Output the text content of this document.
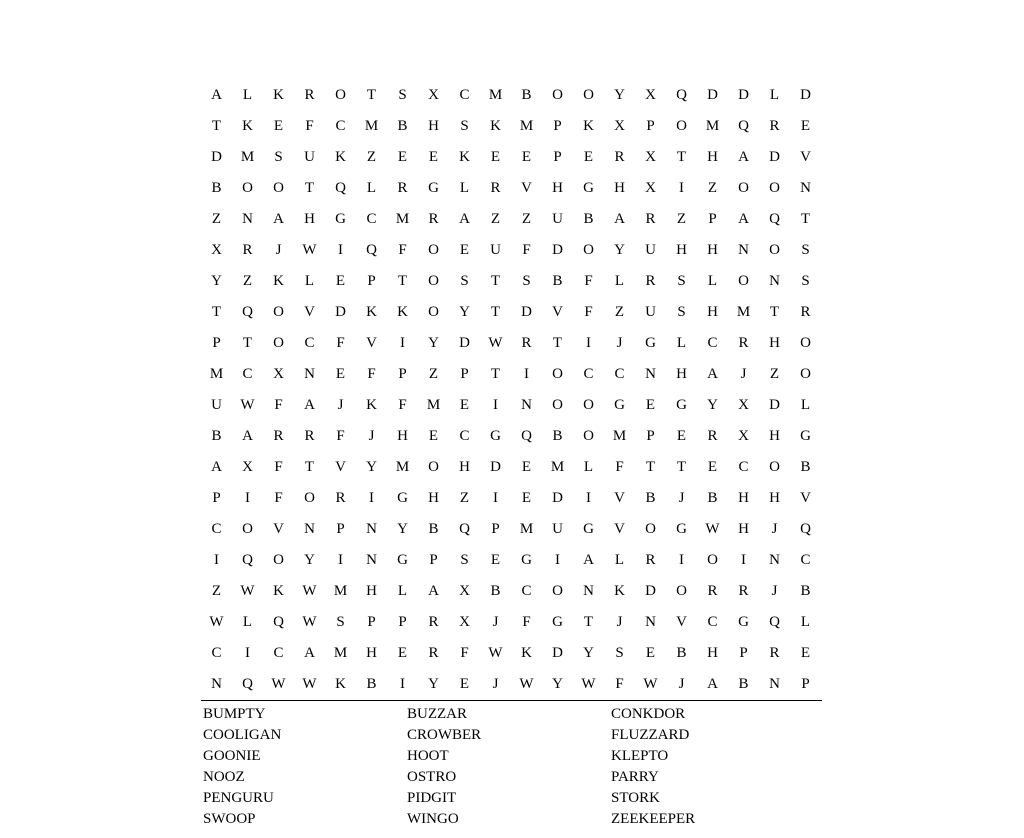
A	L	K	R	O	T	S	X	C	M	B	O	O	Y	X	Q	D	D	L	D
T	K	E	F	C	M	B	H	S	K	M	P	K	X	P	O	M	Q	R	E
D	M	S	U	K	Z	E	E	K	E	E	P	E	R	X	T	H	A	D	V
B	O	O	T	Q	L	R	G	L	R	V	H	G	H	X	I	Z	O	O	N
Z	N	A	H	G	C	M	R	A	Z	Z	U	B	A	R	Z	P	A	Q	T
X	R	J	W	I	Q	F	O	E	U	F	D	O	Y	U	H	H	N	O	S
Y	Z	K	L	E	P	T	O	S	T	S	B	F	L	R	S	L	O	N	S
T	Q	O	V	D	K	K	O	Y	T	D	V	F	Z	U	S	H	M	T	R
P	T	O	C	F	V	I	Y	D	W	R	T	I	J	G	L	C	R	H	O
M	C	X	N	E	F	P	Z	P	T	I	O	C	C	N	H	A	J	Z	O
U	W	F	A	J	K	F	M	E	I	N	O	O	G	E	G	Y	X	D	L
B	A	R	R	F	J	H	E	C	G	Q	B	O	M	P	E	R	X	H	G
A	X	F	T	V	Y	M	O	H	D	E	M	L	F	T	T	E	C	O	B
P	I	F	O	R	I	G	H	Z	I	E	D	I	V	B	J	B	H	H	V
C	O	V	N	P	N	Y	B	Q	P	M	U	G	V	O	G	W	H	J	Q
I	Q	O	Y	I	N	G	P	S	E	G	I	A	L	R	I	O	I	N	C
Z	W	K	W	M	H	L	A	X	B	C	O	N	K	D	O	R	R	J	B
W	L	Q	W	S	P	P	R	X	J	F	G	T	J	N	V	C	G	Q	L
C	I	C	A	M	H	E	R	F	W	K	D	Y	S	E	B	H	P	R	E
N	Q	W	W	K	B	I	Y	E	J	W	Y	W	F	W	J	A	B	N	P
BUMPTY	BUZZAR	CONKDOR
COOLIGAN	CROWBER	FLUZZARD
GOONIE	HOOT	KLEPTO
NOOZ	OSTRO	PARRY
PENGURU	PIDGIT	STORK
SWOOP	WINGO	ZEEKEEPER
